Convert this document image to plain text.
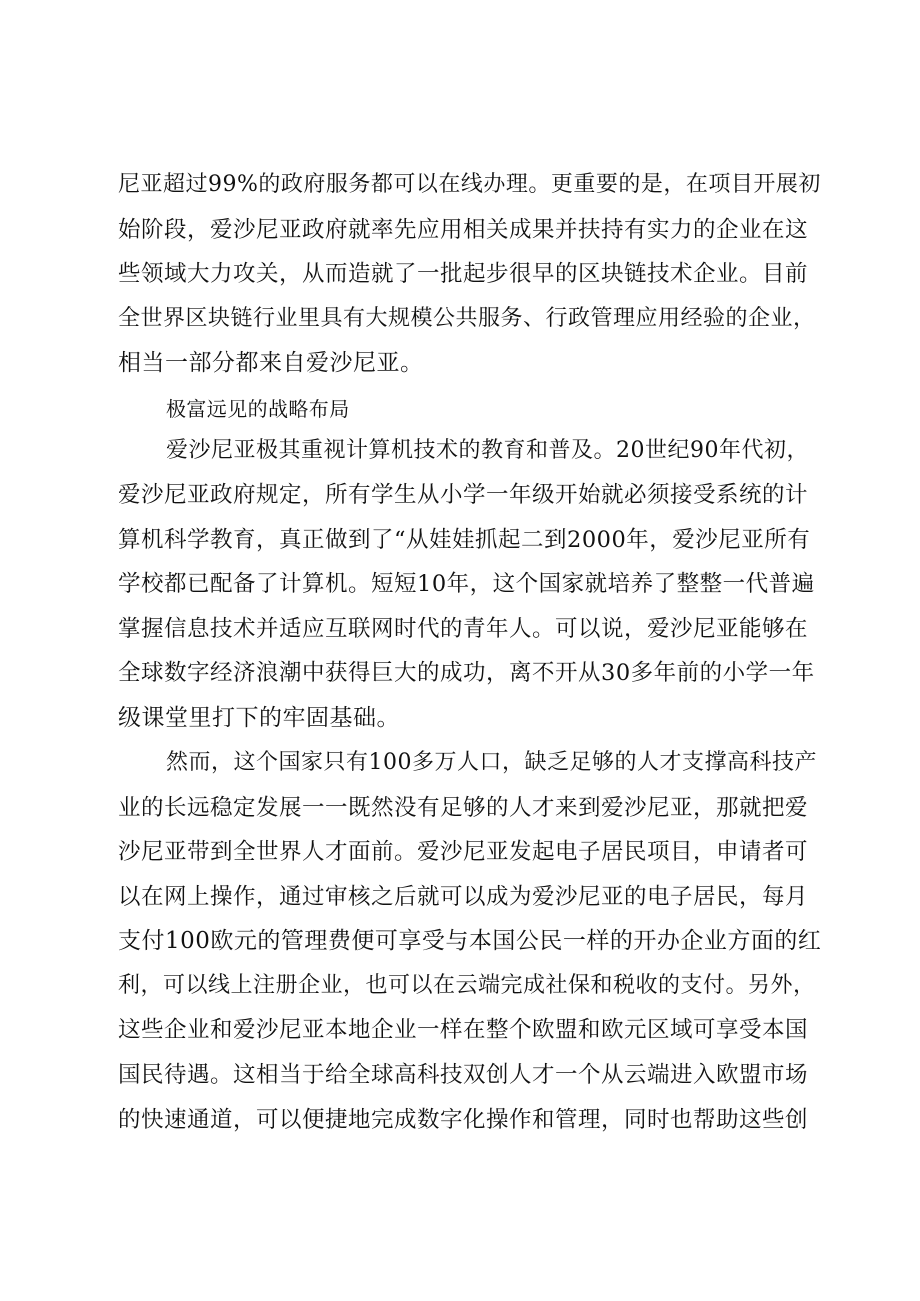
尼亚超过99%的政府服务都可以在线办理。更重要的是，在项目开展初
始阶段，爱沙尼亚政府就率先应用相关成果并扶持有实力的企业在这
些领域大力攻关，从而造就了一批起步很早的区块链技术企业。目前
全世界区块链行业里具有大规模公共服务、行政管理应用经验的企业，
相当一部分都来自爱沙尼亚。
极富远见的战略布局
爱沙尼亚极其重视计算机技术的教育和普及。20世纪90年代初，
爱沙尼亚政府规定，所有学生从小学一年级开始就必须接受系统的计
算机科学教育，真正做到了“从娃娃抓起二到2000年，爱沙尼亚所有
学校都已配备了计算机。短短10年，这个国家就培养了整整一代普遍
掌握信息技术并适应互联网时代的青年人。可以说，爱沙尼亚能够在
全球数字经济浪潮中获得巨大的成功，离不开从30多年前的小学一年
级课堂里打下的牢固基础。
然而，这个国家只有100多万人口，缺乏足够的人才支撑高科技产
业的长远稳定发展一一既然没有足够的人才来到爱沙尼亚，那就把爱
沙尼亚带到全世界人才面前。爱沙尼亚发起电子居民项目，申请者可
以在网上操作，通过审核之后就可以成为爱沙尼亚的电子居民，每月
支付100欧元的管理费便可享受与本国公民一样的开办企业方面的红
利，可以线上注册企业，也可以在云端完成社保和税收的支付。另外，
这些企业和爱沙尼亚本地企业一样在整个欧盟和欧元区域可享受本国
国民待遇。这相当于给全球高科技双创人才一个从云端进入欧盟市场
的快速通道，可以便捷地完成数字化操作和管理，同时也帮助这些创
